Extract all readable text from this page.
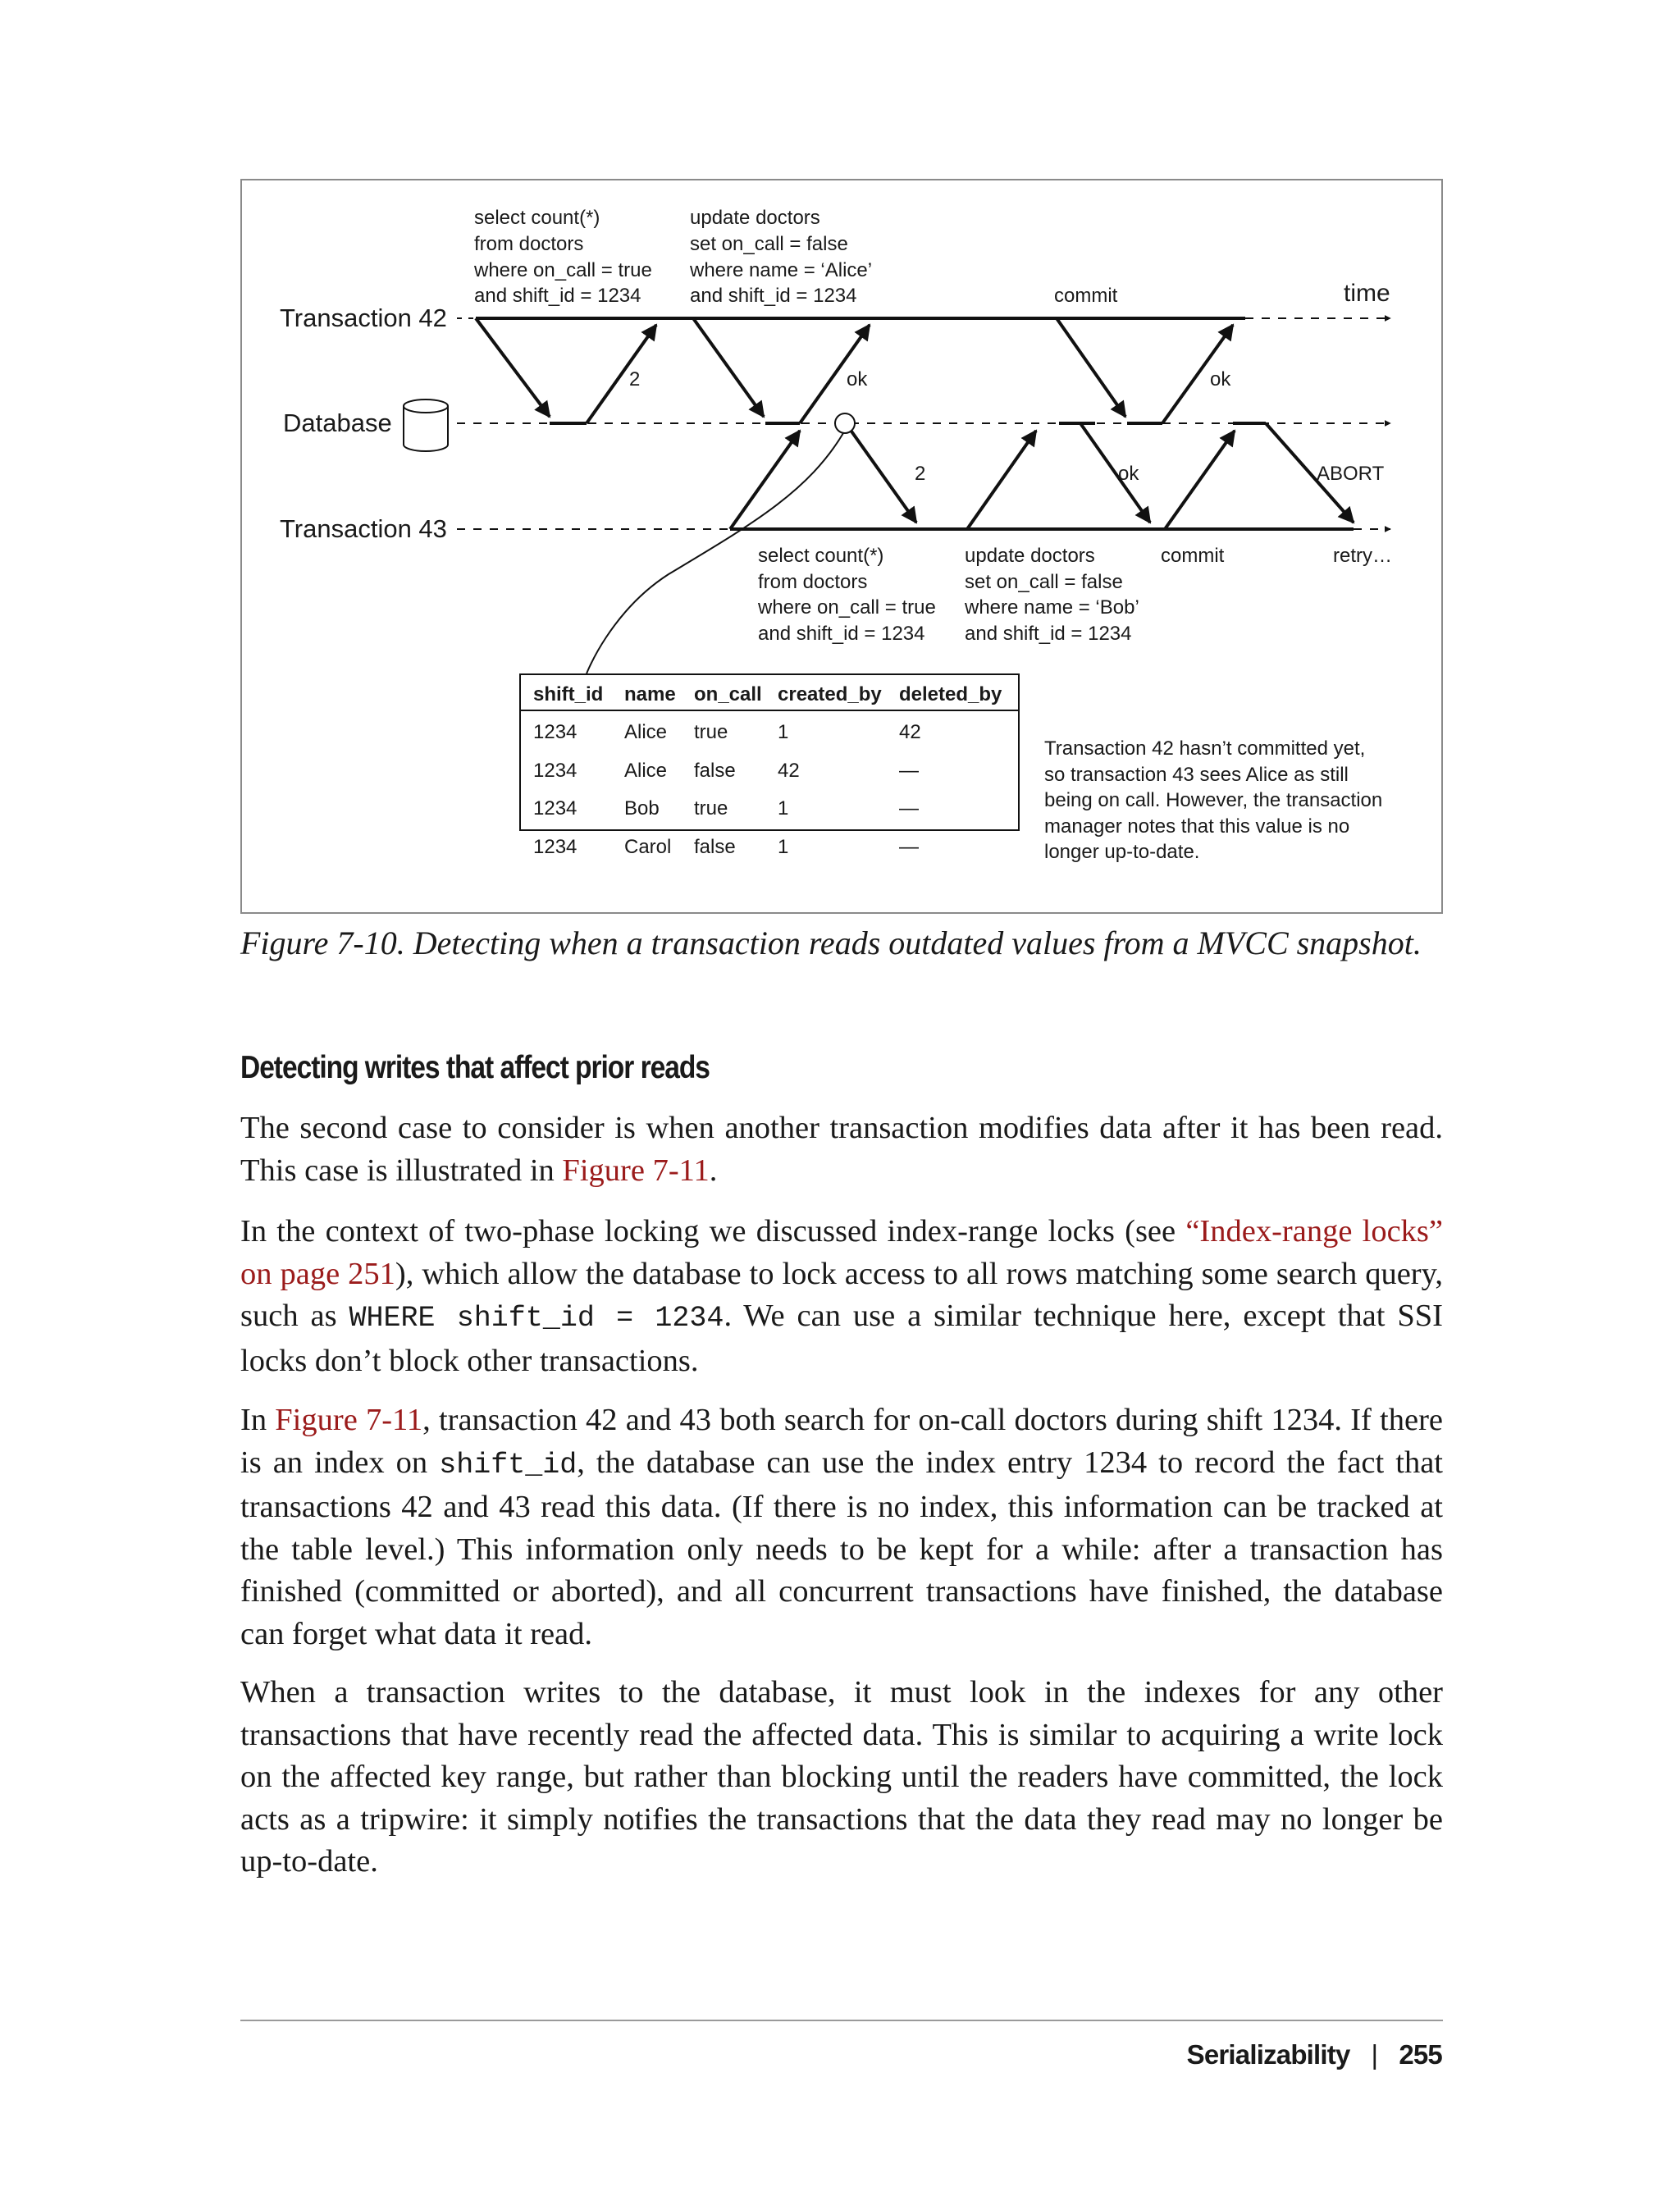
Transaction 42
Database
Transaction 43
time
select count(*)
from doctors
where on_call = true
and shift_id = 1234
update doctors
set on_call = false
where name = ‘Alice’
and shift_id = 1234	commit
2	ok	ok
2	ok	ABORT
select count(*)
from doctors
where on_call = true
and shift_id = 1234
update doctors
set on_call = false
where name = ‘Bob’
and shift_id = 1234
commit	retry…
shift_id name on_call created_by deleted_by
1234 Alice true	1	42
1234 Alice false 42	—
1234 Bob true	1	—
1234 Carol false 1	—
Transaction 42 hasn’t committed yet,
so transaction 43 sees Alice as still
being on call. However, the transaction
manager notes that this value is no
longer up-to-date.
Figure 7-10. Detecting when a transaction reads outdated values from a MVCC snapshot.
Detecting writes that affect prior reads

The second case to consider is when another transaction modifies data after it has been read. This case is illustrated in Figure 7-11.

In the context of two-phase locking we discussed index-range locks (see “Index-range locks” on page 251), which allow the database to lock access to all rows matching some search query, such as WHERE shift_id = 1234. We can use a similar technique here, except that SSI locks don’t block other transactions.

In Figure 7-11, transaction 42 and 43 both search for on-call doctors during shift 1234. If there is an index on shift_id, the database can use the index entry 1234 to record the fact that transactions 42 and 43 read this data. (If there is no index, this information can be tracked at the table level.) This information only needs to be kept for a while: after a transaction has finished (committed or aborted), and all concurrent transactions have finished, the database can forget what data it read.

When a transaction writes to the database, it must look in the indexes for any other transactions that have recently read the affected data. This is similar to acquiring a write lock on the affected key range, but rather than blocking until the readers have committed, the lock acts as a tripwire: it simply notifies the transactions that the data they read may no longer be up-to-date.

Serializability | 255
